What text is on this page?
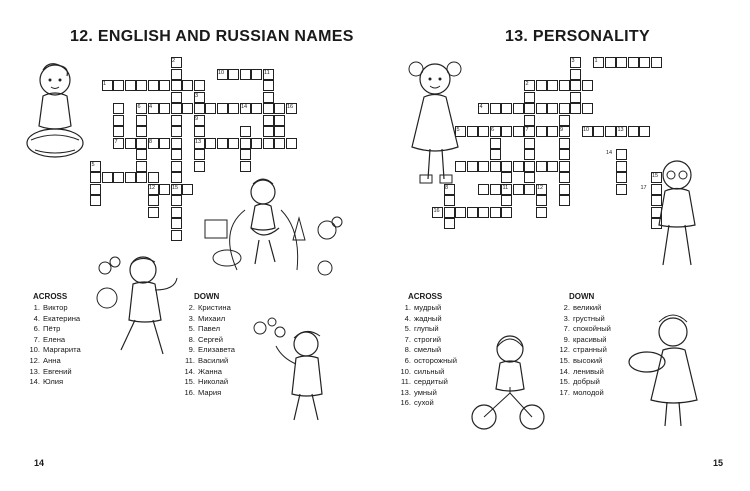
12. ENGLISH AND RUSSIAN NAMES
1
2
3
4
5
6
7	8
9
10	11
12
13
14
15
16
ACROSS
1. Виктор
4. Екатерина
6. Пётр
7. Елена
10. Маргарита
12. Анна
13. Евгений
14. Юлия
DOWN
2. Кристина
3. Михаил
5. Павел
8. Сергей
9. Елизавета
11. Василий
14. Жанна
15. Николай
16. Мария
14
13. PERSONALITY
1
2
3
4
5	6	7
8
9	10
11	12
13
14
15
16
17
ACROSS
1. мудрый
4. жадный
5. глупый
7. строгий
8. смелый
6. осторожный
10. сильный
11. сердитый
13. умный
16. сухой
DOWN
2. великий
3. грустный
7. спокойный
9. красивый
12. странный
15. высокий
14. ленивый
15. добрый
17. молодой
15
